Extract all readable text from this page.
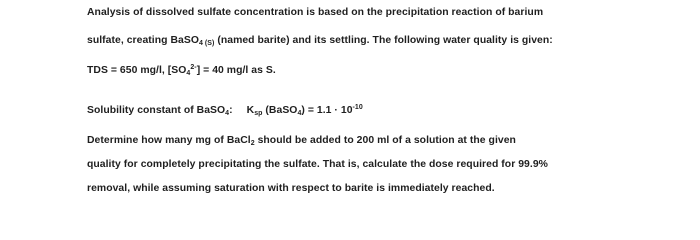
Analysis of dissolved sulfate concentration is based on the precipitation reaction of barium
sulfate, creating BaSO$_{4 (S)}$ (named barite) and its settling. The following water quality is given:
TDS = 650 mg/l, $[SO_4^{2-}] = 40$ mg/l as S.
Solubility constant of BaSO$_4$: $K_{sp}$ (BaSO$_4$) = $1.1 \cdot 10^{-10}$
Determine how many mg of BaCl$_2$ should be added to 200 ml of a solution at the given
quality for completely precipitating the sulfate. That is, calculate the dose required for 99.9%
removal, while assuming saturation with respect to barite is immediately reached.
